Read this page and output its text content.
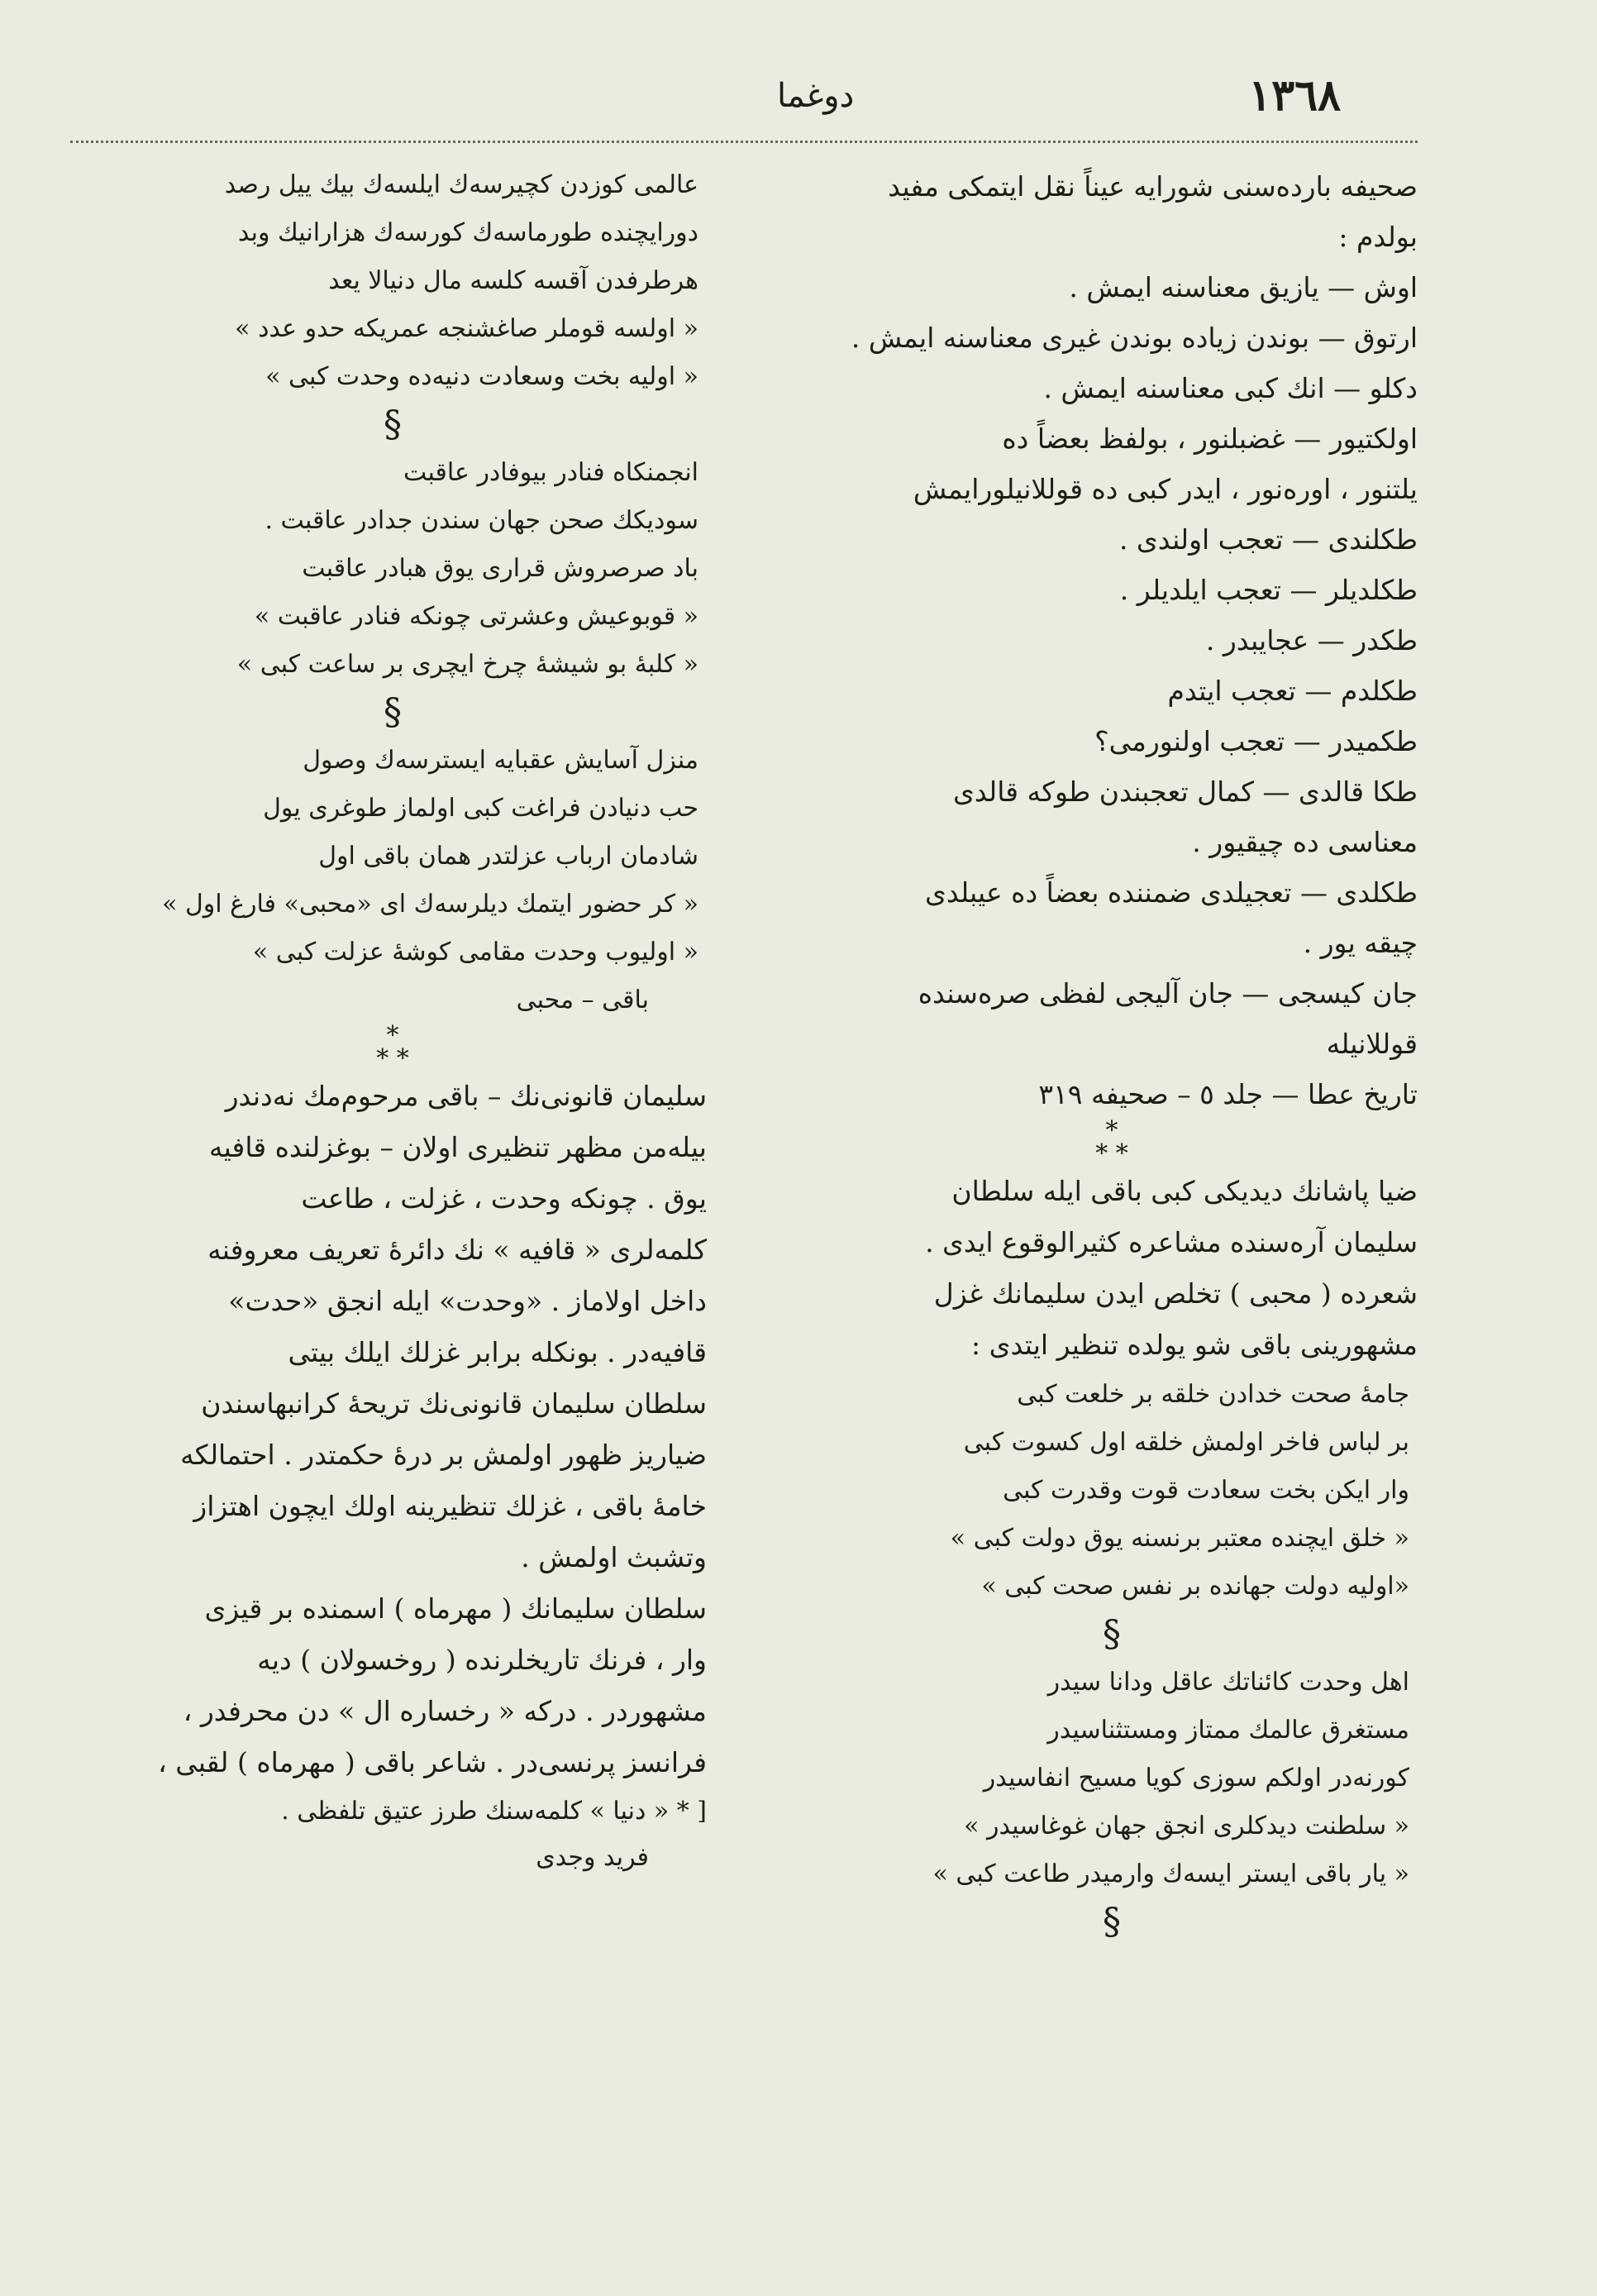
١٣٦٨
دوغما
صحيفه بارده‌سنی شورایه عیناً نقل ایتمکی مفید
بولدم :
اوش — یازیق معناسنه ایمش .
ارتوق — بوندن زیاده بوندن غیری معناسنه ایمش .
دکلو — انك کبی معناسنه ایمش .
اولکتیور — غضبلنور ، بولفظ بعضاً ده
یلتنور ، اوره‌نور ، ایدر کبی ده قوللانیلورایمش
طکلندی — تعجب اولندی .
طکلدیلر — تعجب ایلدیلر .
طکدر — عجایبدر .
طکلدم — تعجب ایتدم
طکمیدر — تعجب اولنورمی؟
طکا قالدی — کمال تعجبندن طوکه قالدی
معناسی ده چیقیور .
طکلدی — تعجیلدی ضمننده بعضاً ده عیبلدی
چیقه یور .
جان کیسجی — جان آلیجی لفظی صره‌سنده
قوللانیله
تاریخ عطا — جلد ٥ – صحیفه ٣١٩
*
* *
ضیا پاشانك دیدیکی کبی باقی ایله سلطان
سلیمان آره‌سنده مشاعره کثیرالوقوع ایدی .
شعرده ( محبی ) تخلص ایدن سلیمانك غزل
مشهورینی باقی شو یولده تنظیر ایتدی :
جامهٔ صحت خدادن خلقه بر خلعت کبی
بر لباس فاخر اولمش خلقه اول کسوت کبی
وار ایکن بخت سعادت قوت وقدرت کبی
« خلق ایچنده معتبر برنسنه یوق دولت کبی »
«اولیه دولت جهانده بر نفس صحت کبی »
§
اهل وحدت کائناتك عاقل ودانا سیدر
مستغرق عالمك ممتاز ومستثناسیدر
کورنه‌در اولکم سوزی کویا مسیح انفاسیدر
« سلطنت دیدکلری انجق جهان غوغاسیدر »
« یار باقی ایستر ایسه‌ك وارمیدر طاعت کبی »
§
عالمی کوزدن کچیرسه‌ك ایلسه‌ك بیك ییل رصد
دورایچنده طورماسه‌ك کورسه‌ك هزارانیك وبد
هرطرفدن آقسه کلسه مال دنیالا یعد
« اولسه قوملر صاغشنجه عمریکه حدو عدد »
« اولیه بخت وسعادت دنیه‌ده وحدت کبی »
§
انجمنکاه فنادر بیوفادر عاقبت
سودیکك صحن جهان سندن جدادر عاقبت .
باد صرصروش قراری یوق هبادر عاقبت
« قوبوعیش وعشرتی چونکه فنادر عاقبت »
« کلبهٔ بو شیشهٔ چرخ ایچری بر ساعت کبی »
§
منزل آسایش عقبایه ایسترسه‌ك وصول
حب دنیادن فراغت کبی اولماز طوغری یول
شادمان ارباب عزلتدر همان باقی اول
« کر حضور ایتمك دیلرسه‌ك ای «محبی» فارغ اول »
« اولیوب وحدت مقامی کوشهٔ عزلت کبی »
باقی – محبی
*
* *
سلیمان قانونی‌نك – باقی مرحوم‌مك نه‌دندر
بیله‌من مظهر تنظیری اولان – بوغزلنده قافیه
یوق . چونکه وحدت ، غزلت ، طاعت
کلمه‌لری « قافیه » نك دائرهٔ تعریف معروفنه
داخل اولاماز . «وحدت» ایله انجق «حدت»
قافیه‌در . بونکله برابر غزلك ایلك بیتی
سلطان سلیمان قانونی‌نك تریحهٔ کرانبهاسندن
ضیاریز ظهور اولمش بر درهٔ حکمتدر . احتمالکه
خامهٔ باقی ، غزلك تنظیرینه اولك ایچون اهتزاز
وتشبث اولمش .
سلطان سلیمانك ( مهرماه ) اسمنده بر قیزی
وار ، فرنك تاریخلرنده ( روخسولان ) دیه
مشهوردر . درکه « رخساره ال » دن محرفدر ،
فرانسز پرنسی‌در . شاعر باقی ( مهرماه ) لقبی ،
[ * « دنیا » کلمه‌سنك طرز عتیق تلفظی .
فرید وجدی
